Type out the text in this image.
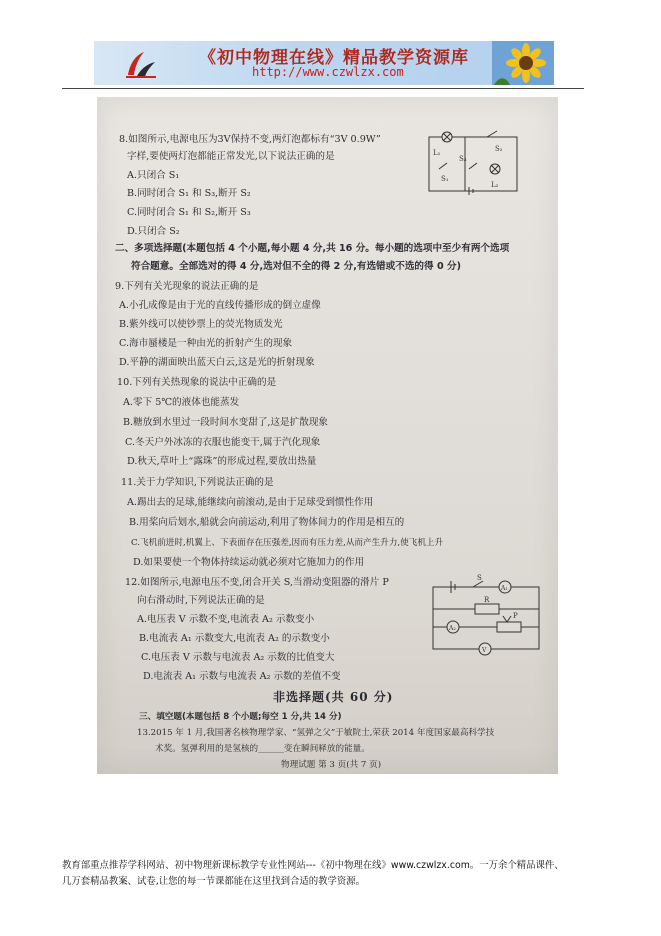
《初中物理在线》精品教学资源库
http://www.czwlzx.com
8.如图所示,电源电压为3V保持不变,两灯泡都标有“3V 0.9W”
字样,要使两灯泡都能正常发光,以下说法正确的是
A.只闭合 S₁
B.同时闭合 S₁ 和 S₃,断开 S₂
C.同时闭合 S₁ 和 S₂,断开 S₃
D.只闭合 S₂
L₁
S₁
S₃
S₂
L₂
二、多项选择题(本题包括 4 个小题,每小题 4 分,共 16 分。每小题的选项中至少有两个选项
符合题意。全部选对的得 4 分,选对但不全的得 2 分,有选错或不选的得 0 分)
9.下列有关光现象的说法正确的是
A.小孔成像是由于光的直线传播形成的倒立虚像
B.紫外线可以使钞票上的荧光物质发光
C.海市蜃楼是一种由光的折射产生的现象
D.平静的湖面映出蓝天白云,这是光的折射现象
10.下列有关热现象的说法中正确的是
A.零下 5℃的液体也能蒸发
B.糖放到水里过一段时间水变甜了,这是扩散现象
C.冬天户外冰冻的衣服也能变干,属于汽化现象
D.秋天,草叶上“露珠”的形成过程,要放出热量
11.关于力学知识,下列说法正确的是
A.踢出去的足球,能继续向前滚动,是由于足球受到惯性作用
B.用桨向后划水,船就会向前运动,利用了物体间力的作用是相互的
C.飞机前进时,机翼上、下表面存在压强差,因而有压力差,从而产生升力,使飞机上升
D.如果要使一个物体持续运动就必须对它施加力的作用
12.如图所示,电源电压不变,闭合开关 S,当滑动变阻器的滑片 P
向右滑动时,下列说法正确的是
A.电压表 V 示数不变,电流表 A₂ 示数变小
B.电流表 A₁ 示数变大,电流表 A₂ 的示数变小
C.电压表 V 示数与电流表 A₂ 示数的比值变大
D.电流表 A₁ 示数与电流表 A₂ 示数的差值不变
S
A₁
R
A₂
P
V
非选择题(共 60 分)
三、填空题(本题包括 8 个小题;每空 1 分,共 14 分)
13.2015 年 1 月,我国著名核物理学家、“氢弹之父”于敏院士,荣获 2014 年度国家最高科学技
术奖。氢弹利用的是氢核的______变在瞬间释放的能量。
物理试题 第 3 页(共 7 页)
教育部重点推荐学科网站、初中物理新课标教学专业性网站---《初中物理在线》www.czwlzx.com。一万余个精品课件、
几万套精品教案、试卷,让您的每一节课都能在这里找到合适的教学资源。
